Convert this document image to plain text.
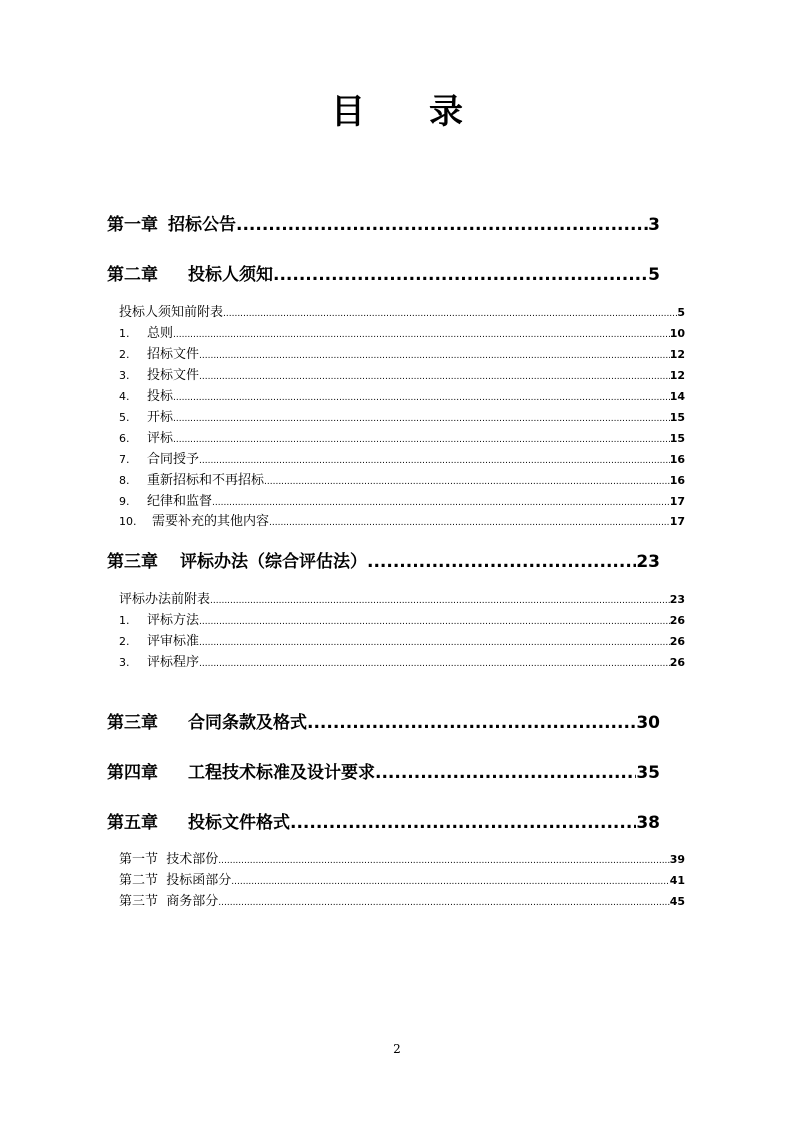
目 录
第一章 招标公告 .....	3
第二章 投标人须知 .....	5
投标人须知前附表 .....	5
1. 总则 .....	10
2. 招标文件 .....	12
3. 投标文件 .....	12
4. 投标 .....	14
5. 开标 .....	15
6. 评标 .....	15
7. 合同授予 .....	16
8. 重新招标和不再招标 .....	16
9. 纪律和监督 .....	17
10. 需要补充的其他内容 .....	17
第三章 评标办法（综合评估法） .....	23
评标办法前附表 .....	23
1. 评标方法 .....	26
2. 评审标准 .....	26
3. 评标程序 .....	26
第三章 合同条款及格式 .....	30
第四章 工程技术标准及设计要求 .....	35
第五章 投标文件格式 .....	38
第一节  技术部份 .....	39
第二节  投标函部分 .....	41
第三节  商务部分 .....	45
2
